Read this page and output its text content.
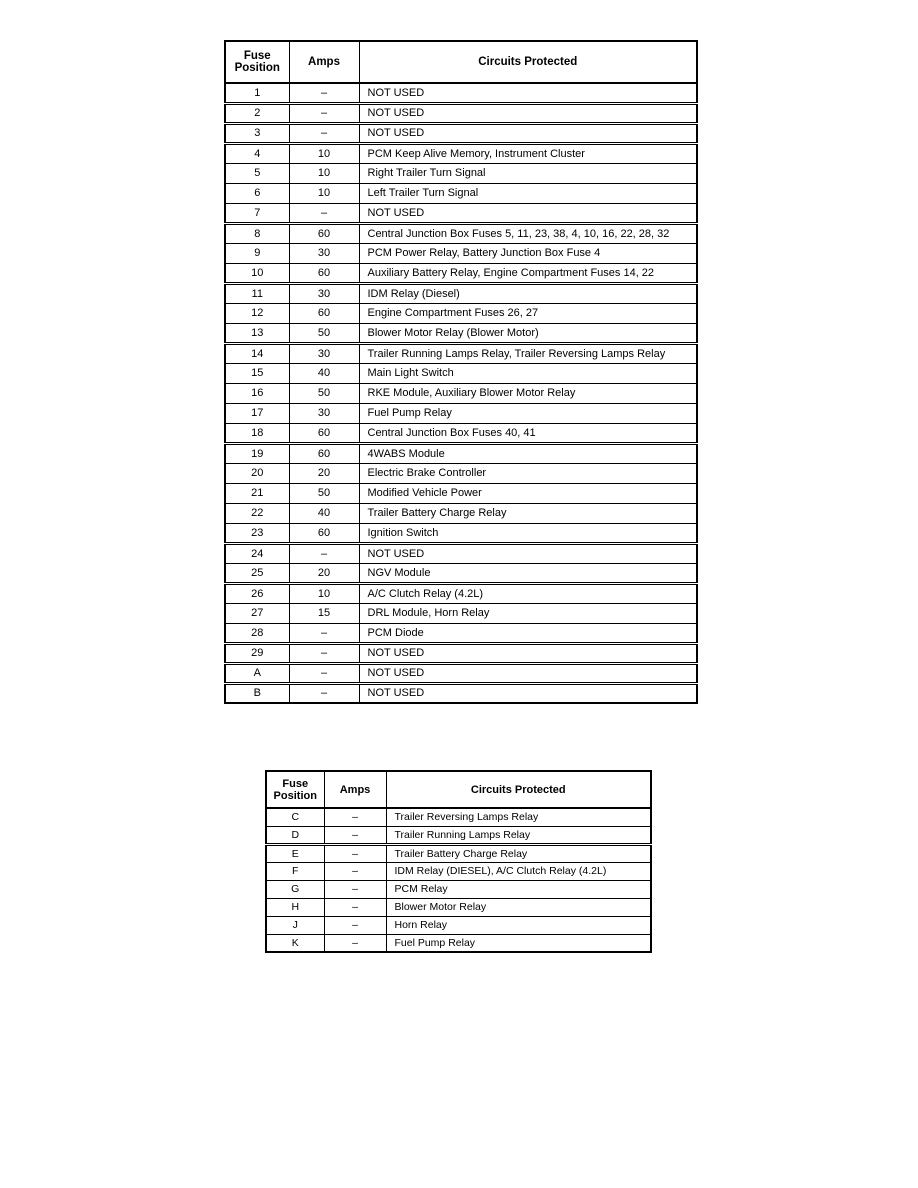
Fuse Position	Amps	Circuits Protected
1	–	NOT USED
2	–	NOT USED
3	–	NOT USED
4	10	PCM Keep Alive Memory, Instrument Cluster
5	10	Right Trailer Turn Signal
6	10	Left Trailer Turn Signal
7	–	NOT USED
8	60	Central Junction Box Fuses 5, 11, 23, 38, 4, 10, 16, 22, 28, 32
9	30	PCM Power Relay, Battery Junction Box Fuse 4
10	60	Auxiliary Battery Relay, Engine Compartment Fuses 14, 22
11	30	IDM Relay (Diesel)
12	60	Engine Compartment Fuses 26, 27
13	50	Blower Motor Relay (Blower Motor)
14	30	Trailer Running Lamps Relay, Trailer Reversing Lamps Relay
15	40	Main Light Switch
16	50	RKE Module, Auxiliary Blower Motor Relay
17	30	Fuel Pump Relay
18	60	Central Junction Box Fuses 40, 41
19	60	4WABS Module
20	20	Electric Brake Controller
21	50	Modified Vehicle Power
22	40	Trailer Battery Charge Relay
23	60	Ignition Switch
24	–	NOT USED
25	20	NGV Module
26	10	A/C Clutch Relay (4.2L)
27	15	DRL Module, Horn Relay
28	–	PCM Diode
29	–	NOT USED
A	–	NOT USED
B	–	NOT USED
Fuse Position	Amps	Circuits Protected
C	–	Trailer Reversing Lamps Relay
D	–	Trailer Running Lamps Relay
E	–	Trailer Battery Charge Relay
F	–	IDM Relay (DIESEL), A/C Clutch Relay (4.2L)
G	–	PCM Relay
H	–	Blower Motor Relay
J	–	Horn Relay
K	–	Fuel Pump Relay
